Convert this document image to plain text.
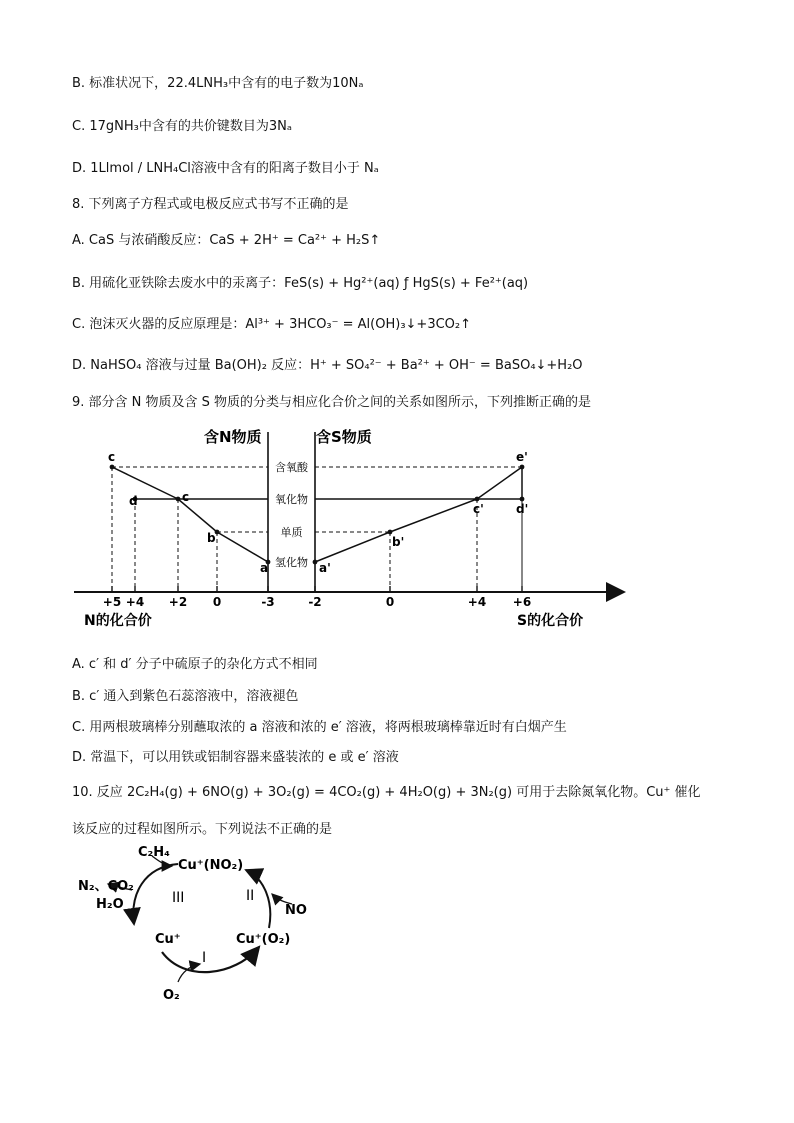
B. 标准状况下，22.4LNH₃中含有的电子数为10Nₐ
C. 17gNH₃中含有的共价键数目为3Nₐ
D. 1Llmol / LNH₄Cl溶液中含有的阳离子数目小于 Nₐ
8. 下列离子方程式或电极反应式书写不正确的是
A. CaS 与浓硝酸反应：CaS + 2H⁺ = Ca²⁺ + H₂S↑
B. 用硫化亚铁除去废水中的汞离子：FeS(s) + Hg²⁺(aq) ƒ HgS(s) + Fe²⁺(aq)
C. 泡沫灭火器的反应原理是：Al³⁺ + 3HCO₃⁻ = Al(OH)₃↓+3CO₂↑
D. NaHSO₄ 溶液与过量 Ba(OH)₂ 反应：H⁺ + SO₄²⁻ + Ba²⁺ + OH⁻ = BaSO₄↓+H₂O
9. 部分含 N 物质及含 S 物质的分类与相应化合价之间的关系如图所示，下列推断正确的是
含N物质	含S物质
含氧酸
氧化物
单质
氢化物
+5 +4 +2 0	-3	-2	0	+4 +6
N的化合价	S的化合价
c
d	c
b
a	a'
b'
c'	d'
e'
A. c′ 和 d′ 分子中硫原子的杂化方式不相同
B. c′ 通入到紫色石蕊溶液中，溶液褪色
C. 用两根玻璃棒分别蘸取浓的 a 溶液和浓的 e′ 溶液，将两根玻璃棒靠近时有白烟产生
D. 常温下，可以用铁或铝制容器来盛装浓的 e 或 e′ 溶液
10. 反应 2C₂H₄(g) + 6NO(g) + 3O₂(g) = 4CO₂(g) + 4H₂O(g) + 3N₂(g) 可用于去除氮氧化物。Cu⁺ 催化
该反应的过程如图所示。下列说法不正确的是
C₂H₄
Cu⁺(NO₂)
N₂、CO₂
H₂O	NO
Cu⁺	Cu⁺(O₂)
O₂
I
II
III
